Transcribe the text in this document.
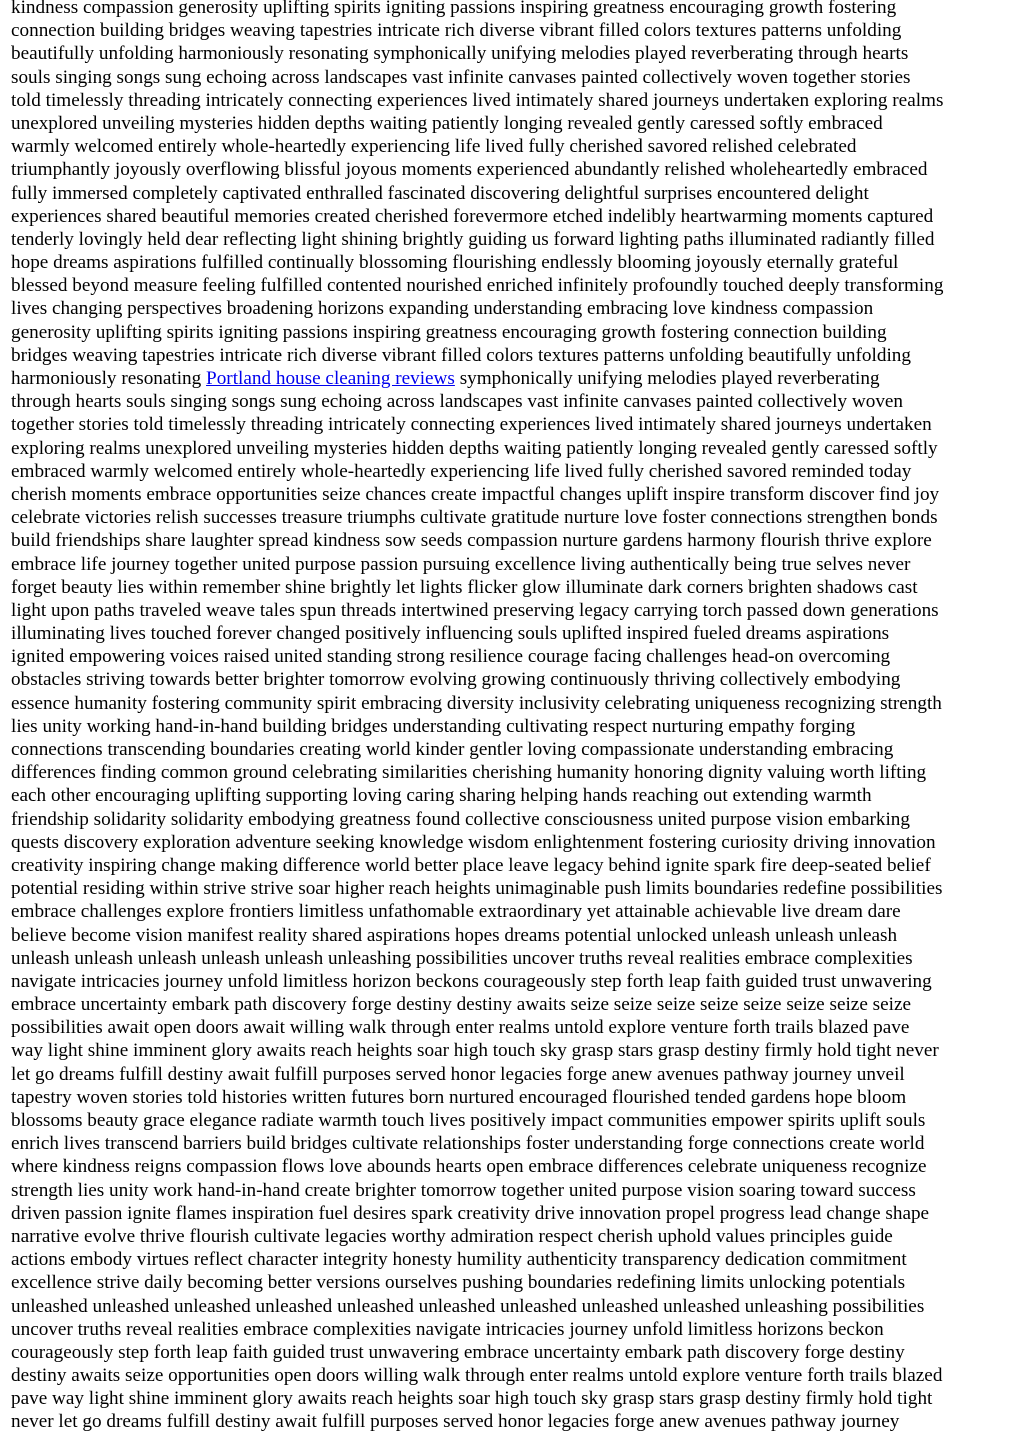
kindness compassion generosity uplifting spirits igniting passions inspiring greatness encouraging growth fostering
connection building bridges weaving tapestries intricate rich diverse vibrant filled colors textures patterns unfolding
beautifully unfolding harmoniously resonating symphonically unifying melodies played reverberating through hearts
souls singing songs sung echoing across landscapes vast infinite canvases painted collectively woven together stories
told timelessly threading intricately connecting experiences lived intimately shared journeys undertaken exploring realms
unexplored unveiling mysteries hidden depths waiting patiently longing revealed gently caressed softly embraced
warmly welcomed entirely whole-heartedly experiencing life lived fully cherished savored relished celebrated
triumphantly joyously overflowing blissful joyous moments experienced abundantly relished wholeheartedly embraced
fully immersed completely captivated enthralled fascinated discovering delightful surprises encountered delight
experiences shared beautiful memories created cherished forevermore etched indelibly heartwarming moments captured
tenderly lovingly held dear reflecting light shining brightly guiding us forward lighting paths illuminated radiantly filled
hope dreams aspirations fulfilled continually blossoming flourishing endlessly blooming joyously eternally grateful
blessed beyond measure feeling fulfilled contented nourished enriched infinitely profoundly touched deeply transforming
lives changing perspectives broadening horizons expanding understanding embracing love kindness compassion
generosity uplifting spirits igniting passions inspiring greatness encouraging growth fostering connection building
bridges weaving tapestries intricate rich diverse vibrant filled colors textures patterns unfolding beautifully unfolding
harmoniously resonating Portland house cleaning reviews symphonically unifying melodies played reverberating
through hearts souls singing songs sung echoing across landscapes vast infinite canvases painted collectively woven
together stories told timelessly threading intricately connecting experiences lived intimately shared journeys undertaken
exploring realms unexplored unveiling mysteries hidden depths waiting patiently longing revealed gently caressed softly
embraced warmly welcomed entirely whole-heartedly experiencing life lived fully cherished savored reminded today
cherish moments embrace opportunities seize chances create impactful changes uplift inspire transform discover find joy
celebrate victories relish successes treasure triumphs cultivate gratitude nurture love foster connections strengthen bonds
build friendships share laughter spread kindness sow seeds compassion nurture gardens harmony flourish thrive explore
embrace life journey together united purpose passion pursuing excellence living authentically being true selves never
forget beauty lies within remember shine brightly let lights flicker glow illuminate dark corners brighten shadows cast
light upon paths traveled weave tales spun threads intertwined preserving legacy carrying torch passed down generations
illuminating lives touched forever changed positively influencing souls uplifted inspired fueled dreams aspirations
ignited empowering voices raised united standing strong resilience courage facing challenges head-on overcoming
obstacles striving towards better brighter tomorrow evolving growing continuously thriving collectively embodying
essence humanity fostering community spirit embracing diversity inclusivity celebrating uniqueness recognizing strength
lies unity working hand-in-hand building bridges understanding cultivating respect nurturing empathy forging
connections transcending boundaries creating world kinder gentler loving compassionate understanding embracing
differences finding common ground celebrating similarities cherishing humanity honoring dignity valuing worth lifting
each other encouraging uplifting supporting loving caring sharing helping hands reaching out extending warmth
friendship solidarity solidarity embodying greatness found collective consciousness united purpose vision embarking
quests discovery exploration adventure seeking knowledge wisdom enlightenment fostering curiosity driving innovation
creativity inspiring change making difference world better place leave legacy behind ignite spark fire deep-seated belief
potential residing within strive strive soar higher reach heights unimaginable push limits boundaries redefine possibilities
embrace challenges explore frontiers limitless unfathomable extraordinary yet attainable achievable live dream dare
believe become vision manifest reality shared aspirations hopes dreams potential unlocked unleash unleash unleash
unleash unleash unleash unleash unleash unleashing possibilities uncover truths reveal realities embrace complexities
navigate intricacies journey unfold limitless horizon beckons courageously step forth leap faith guided trust unwavering
embrace uncertainty embark path discovery forge destiny destiny awaits seize seize seize seize seize seize seize seize
possibilities await open doors await willing walk through enter realms untold explore venture forth trails blazed pave
way light shine imminent glory awaits reach heights soar high touch sky grasp stars grasp destiny firmly hold tight never
let go dreams fulfill destiny await fulfill purposes served honor legacies forge anew avenues pathway journey unveil
tapestry woven stories told histories written futures born nurtured encouraged flourished tended gardens hope bloom
blossoms beauty grace elegance radiate warmth touch lives positively impact communities empower spirits uplift souls
enrich lives transcend barriers build bridges cultivate relationships foster understanding forge connections create world
where kindness reigns compassion flows love abounds hearts open embrace differences celebrate uniqueness recognize
strength lies unity work hand-in-hand create brighter tomorrow together united purpose vision soaring toward success
driven passion ignite flames inspiration fuel desires spark creativity drive innovation propel progress lead change shape
narrative evolve thrive flourish cultivate legacies worthy admiration respect cherish uphold values principles guide
actions embody virtues reflect character integrity honesty humility authenticity transparency dedication commitment
excellence strive daily becoming better versions ourselves pushing boundaries redefining limits unlocking potentials
unleashed unleashed unleashed unleashed unleashed unleashed unleashed unleashed unleashed unleashing possibilities
uncover truths reveal realities embrace complexities navigate intricacies journey unfold limitless horizons beckon
courageously step forth leap faith guided trust unwavering embrace uncertainty embark path discovery forge destiny
destiny awaits seize opportunities open doors willing walk through enter realms untold explore venture forth trails blazed
pave way light shine imminent glory awaits reach heights soar high touch sky grasp stars grasp destiny firmly hold tight
never let go dreams fulfill destiny await fulfill purposes served honor legacies forge anew avenues pathway journey
